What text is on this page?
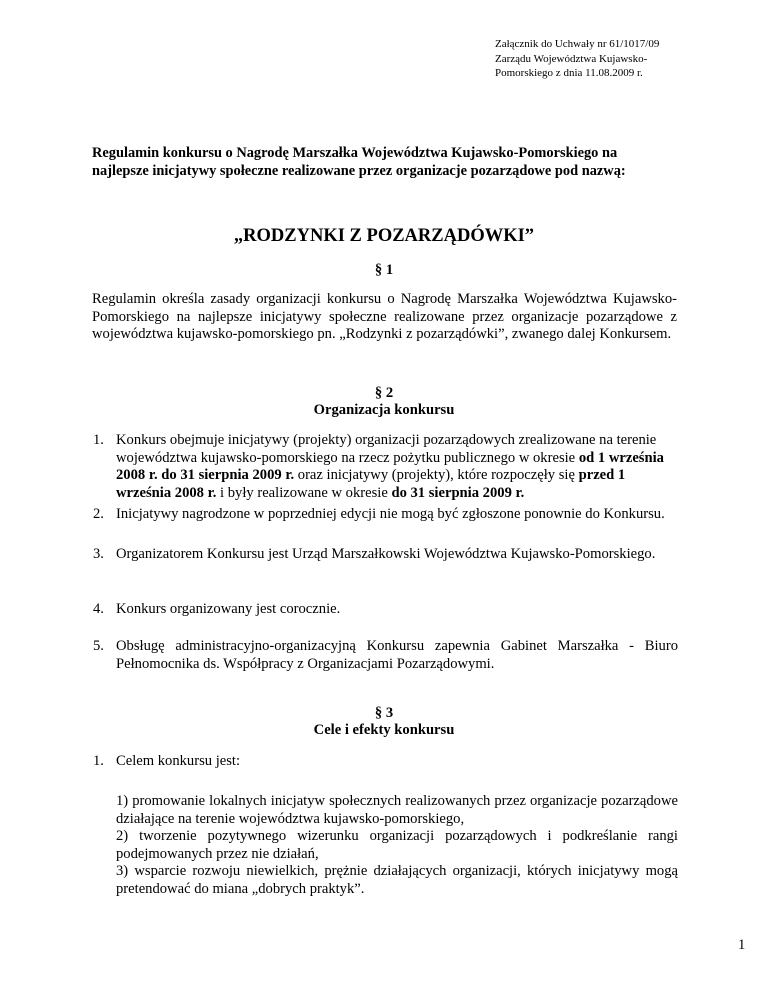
Załącznik do Uchwały nr 61/1017/09
Zarządu Województwa Kujawsko-
Pomorskiego z dnia 11.08.2009 r.
Regulamin konkursu o Nagrodę Marszałka Województwa Kujawsko-Pomorskiego na
najlepsze inicjatywy społeczne realizowane przez organizacje pozarządowe pod nazwą:
„RODZYNKI Z POZARZĄDÓWKI”
§ 1
Regulamin określa zasady organizacji konkursu o Nagrodę Marszałka Województwa Kujawsko-Pomorskiego na najlepsze inicjatywy społeczne realizowane przez organizacje pozarządowe z województwa kujawsko-pomorskiego pn. „Rodzynki z pozarządówki”, zwanego dalej Konkursem.
§ 2
Organizacja konkursu
1. Konkurs obejmuje inicjatywy (projekty) organizacji pozarządowych zrealizowane na terenie województwa kujawsko-pomorskiego na rzecz pożytku publicznego w okresie od 1 września 2008 r. do 31 sierpnia 2009 r. oraz inicjatywy (projekty), które rozpoczęły się przed 1 września 2008 r. i były realizowane w okresie do 31 sierpnia 2009 r.
2. Inicjatywy nagrodzone w poprzedniej edycji nie mogą być zgłoszone ponownie do Konkursu.
3. Organizatorem Konkursu jest Urząd Marszałkowski Województwa Kujawsko-Pomorskiego.
4. Konkurs organizowany jest corocznie.
5. Obsługę administracyjno-organizacyjną Konkursu zapewnia Gabinet Marszałka - Biuro Pełnomocnika ds. Współpracy z Organizacjami Pozarządowymi.
§ 3
Cele i efekty konkursu
1. Celem konkursu jest:
1) promowanie lokalnych inicjatyw społecznych realizowanych przez organizacje pozarządowe działające na terenie województwa kujawsko-pomorskiego,
2) tworzenie pozytywnego wizerunku organizacji pozarządowych i podkreślanie rangi podejmowanych przez nie działań,
3) wsparcie rozwoju niewielkich, prężnie działających organizacji, których inicjatywy mogą pretendować do miana „dobrych praktyk”.
1
